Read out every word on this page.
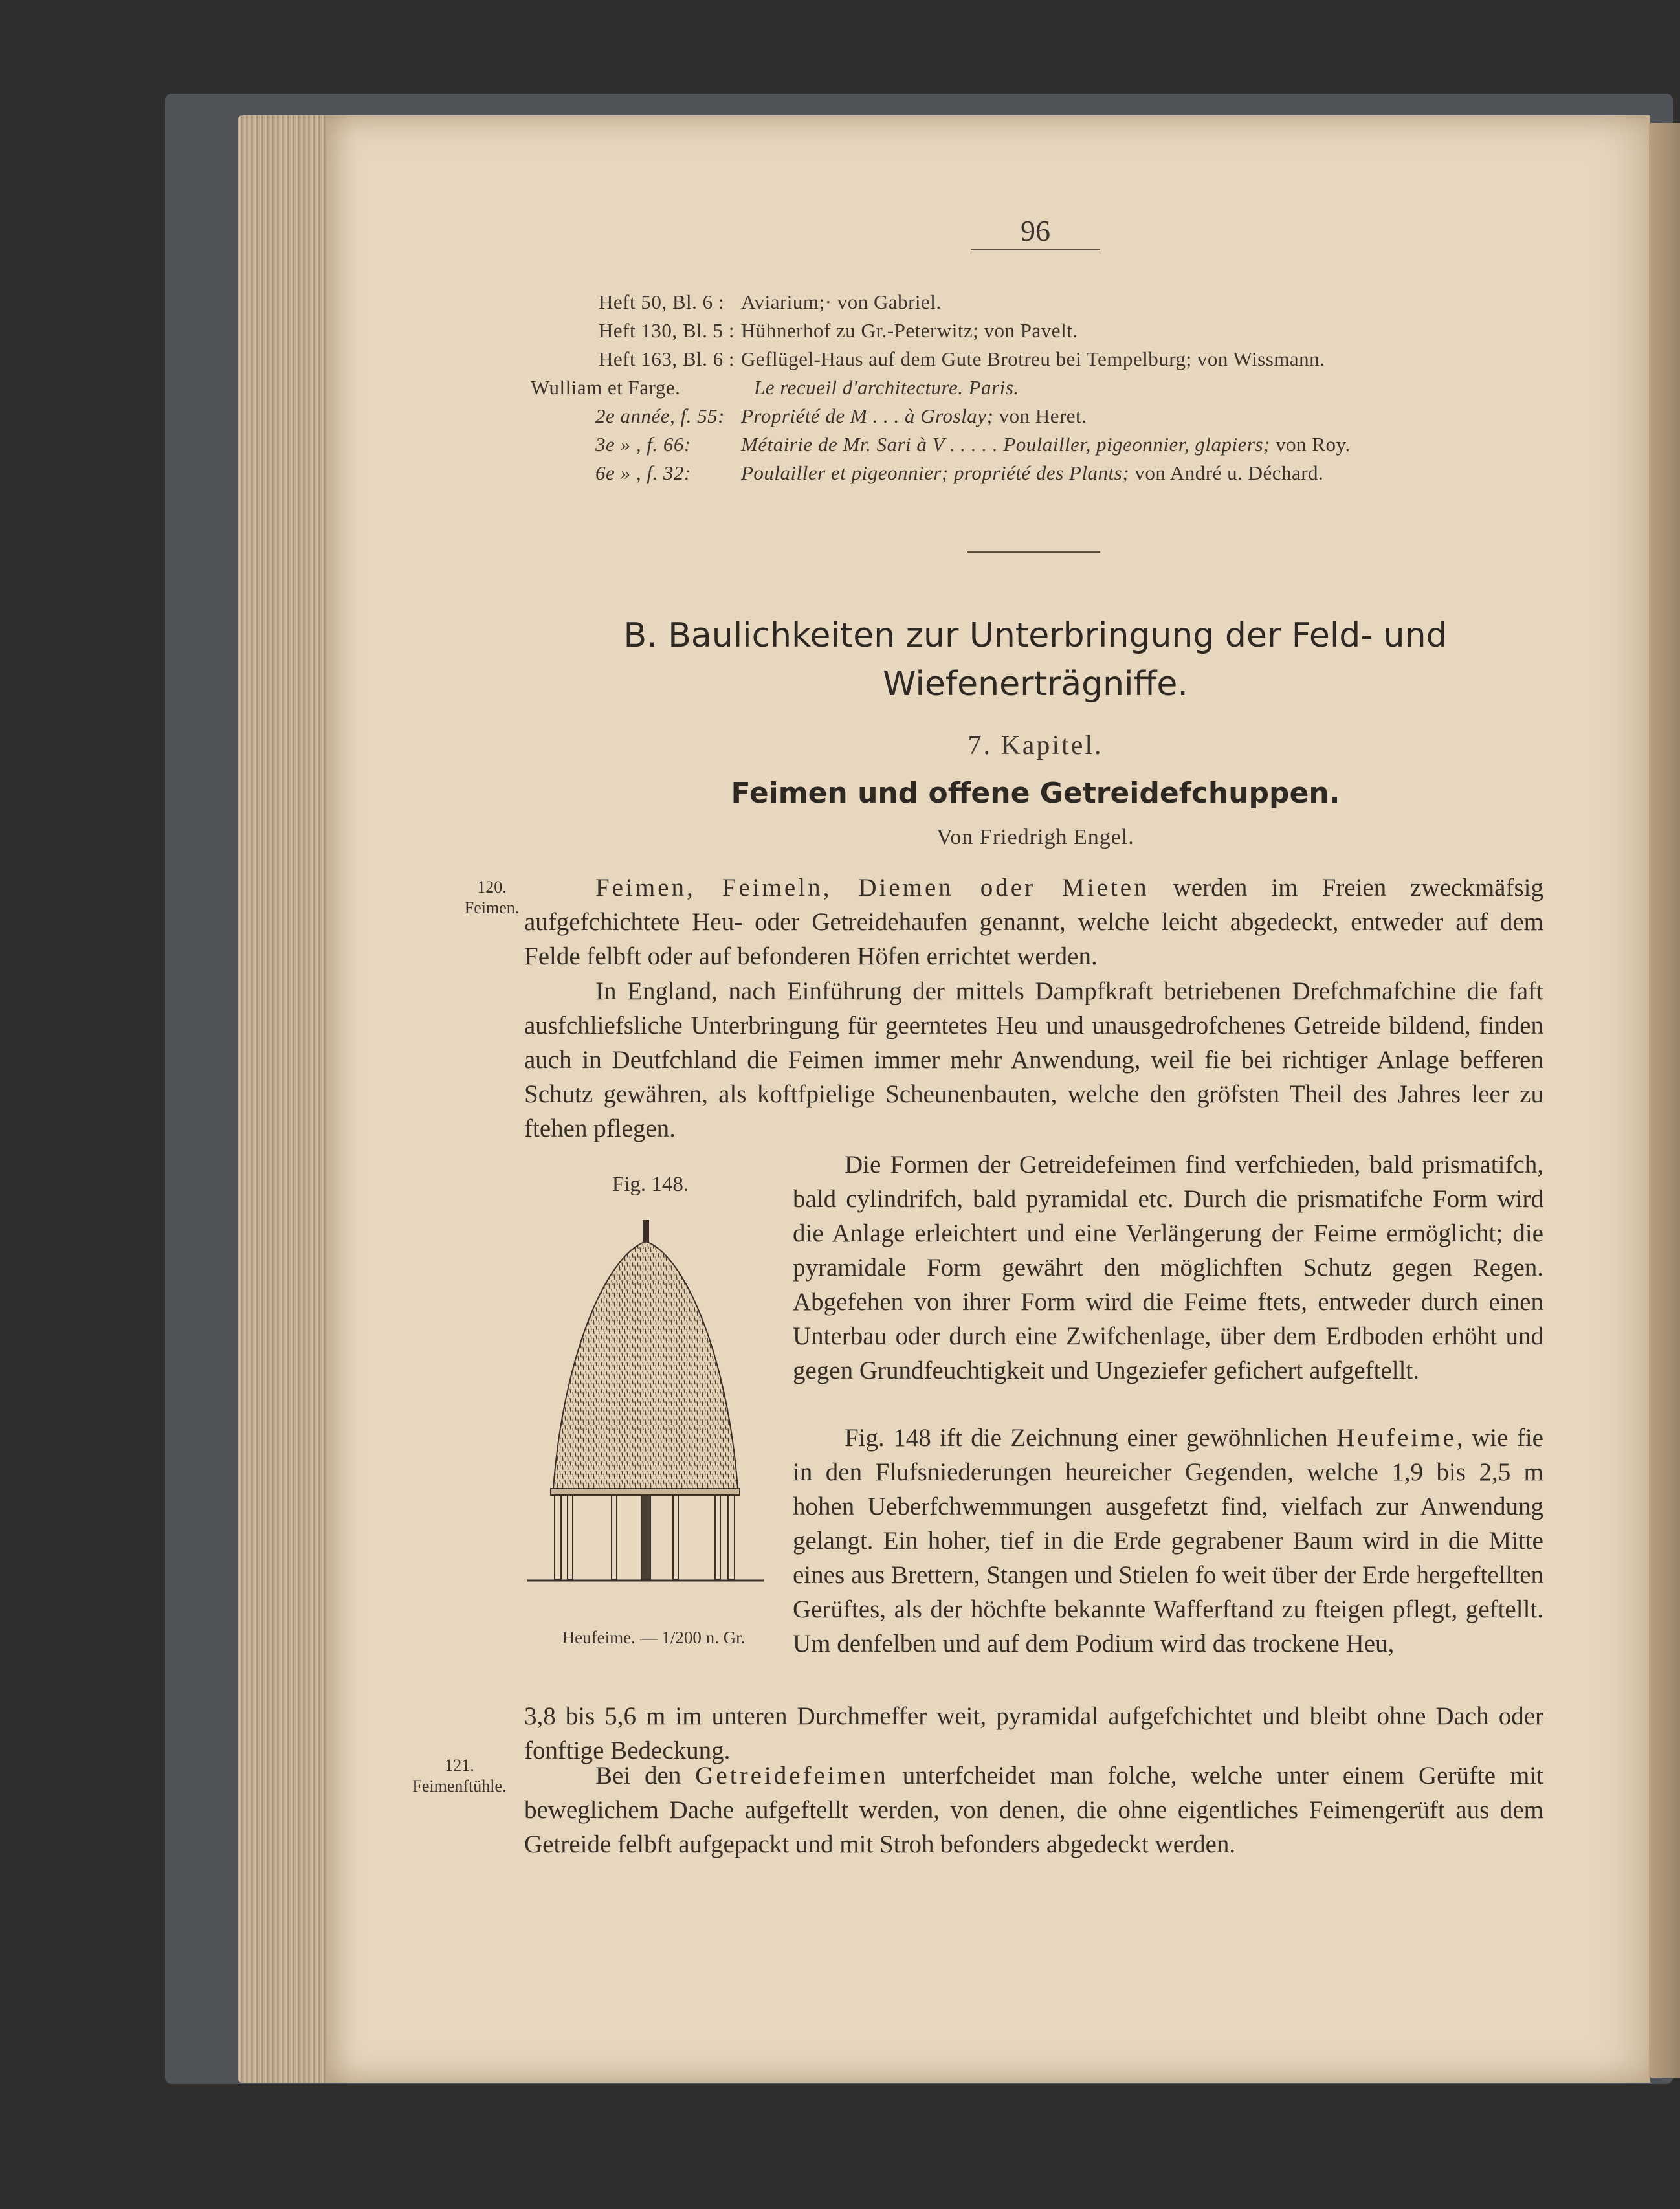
96
Heft 50, Bl. 6 : Aviarium;· von Gabriel.
Heft 130, Bl. 5 : Hühnerhof zu Gr.-Peterwitz; von Pavelt.
Heft 163, Bl. 6 : Geflügel-Haus auf dem Gute Brotreu bei Tempelburg; von Wissmann.
Wulliam et Farge.	Le recueil d'architecture. Paris.
2e année, f. 55: Propriété de M . . . à Groslay; von Heret.
3e » , f. 66: Métairie de Mr. Sari à V . . . . . Poulailler, pigeonnier, glapiers; von Roy.
6e » , f. 32: Poulailler et pigeonnier; propriété des Plants; von André u. Déchard.
B. Baulichkeiten zur Unterbringung der Feld- und Wiefenerträgniffe.
7. Kapitel.
Feimen und offene Getreidefchuppen.
Von Friedrigh Engel.
120.
Feimen.
Feimen, Feimeln, Diemen oder Mieten werden im Freien zweckmäfsig aufgefchichtete Heu- oder Getreidehaufen genannt, welche leicht abgedeckt, entweder auf dem Felde felbft oder auf befonderen Höfen errichtet werden.
In England, nach Einführung der mittels Dampfkraft betriebenen Drefchmafchine die faft ausfchliefsliche Unterbringung für geerntetes Heu und unausgedrofchenes Getreide bildend, finden auch in Deutfchland die Feimen immer mehr Anwendung, weil fie bei richtiger Anlage befferen Schutz gewähren, als koftfpielige Scheunenbauten, welche den gröfsten Theil des Jahres leer zu ftehen pflegen.
Fig. 148.
Heufeime. — 1/200 n. Gr.
Die Formen der Getreidefeimen find verfchieden, bald prismatifch, bald cylindrifch, bald pyramidal etc. Durch die prismatifche Form wird die Anlage erleichtert und eine Verlängerung der Feime ermöglicht; die pyramidale Form gewährt den möglichften Schutz gegen Regen. Abgefehen von ihrer Form wird die Feime ftets, entweder durch einen Unterbau oder durch eine Zwifchenlage, über dem Erdboden erhöht und gegen Grundfeuchtigkeit und Ungeziefer gefichert aufgeftellt.
Fig. 148 ift die Zeichnung einer gewöhnlichen Heufeime, wie fie in den Flufsniederungen heureicher Gegenden, welche 1,9 bis 2,5 m hohen Ueberfchwemmungen ausgefetzt find, vielfach zur Anwendung gelangt. Ein hoher, tief in die Erde gegrabener Baum wird in die Mitte eines aus Brettern, Stangen und Stielen fo weit über der Erde hergeftellten Gerüftes, als der höchfte bekannte Wafferftand zu fteigen pflegt, geftellt. Um denfelben und auf dem Podium wird das trockene Heu,
3,8 bis 5,6 m im unteren Durchmeffer weit, pyramidal aufgefchichtet und bleibt ohne Dach oder fonftige Bedeckung.
121.
Feimenftühle.	Bei den Getreidefeimen unterfcheidet man folche, welche unter einem Gerüfte mit beweglichem Dache aufgeftellt werden, von denen, die ohne eigentliches Feimengerüft aus dem Getreide felbft aufgepackt und mit Stroh befonders abgedeckt werden.
